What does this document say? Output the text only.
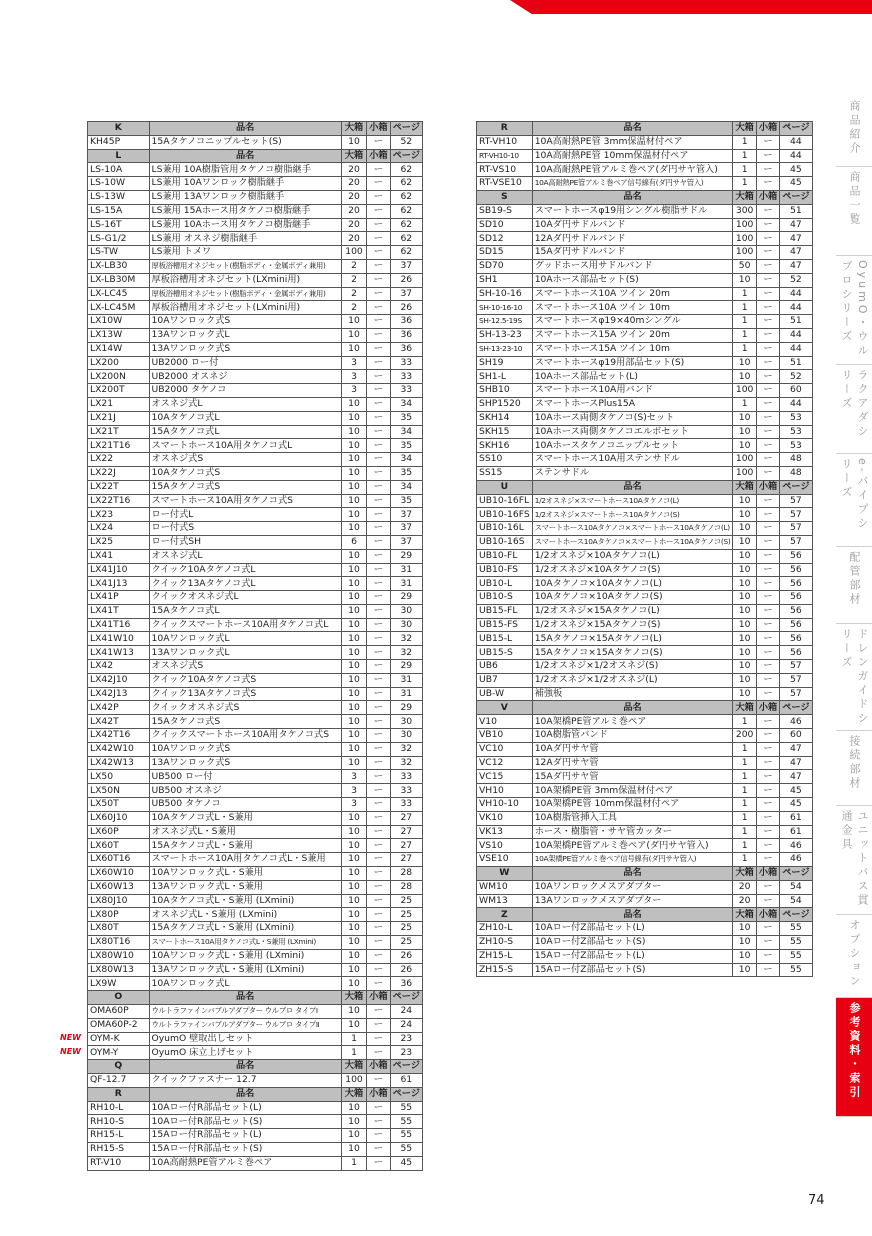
K	品名	大箱	小箱	ページ
KH45P	15Aタケノコニップルセット(S)	10	ー	52
L	品名	大箱	小箱	ページ
LS-10A	LS兼用 10A樹脂管用タケノコ樹脂継手	20	ー	62
LS-10W	LS兼用 10Aワンロック樹脂継手	20	ー	62
LS-13W	LS兼用 13Aワンロック樹脂継手	20	ー	62
LS-15A	LS兼用 15Aホース用タケノコ樹脂継手	20	ー	62
LS-16T	LS兼用 10Aホース用タケノコ樹脂継手	20	ー	62
LS-G1/2	LS兼用 オスネジ樹脂継手	20	ー	62
LS-TW	LS兼用 トメワ	100	ー	62
LX-LB30	厚板浴槽用オネジセット(樹脂ボディ・金属ボディ兼用)	2	ー	37
LX-LB30M	厚板浴槽用オネジセット(LXmini用)	2	ー	26
LX-LC45	厚板浴槽用オネジセット(樹脂ボディ・金属ボディ兼用)	2	ー	37
LX-LC45M	厚板浴槽用オネジセット(LXmini用)	2	ー	26
LX10W	10Aワンロック式S	10	ー	36
LX13W	13Aワンロック式L	10	ー	36
LX14W	13Aワンロック式S	10	ー	36
LX200	UB2000 ロー付	3	ー	33
LX200N	UB2000 オスネジ	3	ー	33
LX200T	UB2000 タケノコ	3	ー	33
LX21	オスネジ式L	10	ー	34
LX21J	10Aタケノコ式L	10	ー	35
LX21T	15Aタケノコ式L	10	ー	34
LX21T16	スマートホース10A用タケノコ式L	10	ー	35
LX22	オスネジ式S	10	ー	34
LX22J	10Aタケノコ式S	10	ー	35
LX22T	15Aタケノコ式S	10	ー	34
LX22T16	スマートホース10A用タケノコ式S	10	ー	35
LX23	ロー付式L	10	ー	37
LX24	ロー付式S	10	ー	37
LX25	ロー付式SH	6	ー	37
LX41	オスネジ式L	10	ー	29
LX41J10	クイック10Aタケノコ式L	10	ー	31
LX41J13	クイック13Aタケノコ式L	10	ー	31
LX41P	クイックオスネジ式L	10	ー	29
LX41T	15Aタケノコ式L	10	ー	30
LX41T16	クイックスマートホース10A用タケノコ式L	10	ー	30
LX41W10	10Aワンロック式L	10	ー	32
LX41W13	13Aワンロック式L	10	ー	32
LX42	オスネジ式S	10	ー	29
LX42J10	クイック10Aタケノコ式S	10	ー	31
LX42J13	クイック13Aタケノコ式S	10	ー	31
LX42P	クイックオスネジ式S	10	ー	29
LX42T	15Aタケノコ式S	10	ー	30
LX42T16	クイックスマートホース10A用タケノコ式S	10	ー	30
LX42W10	10Aワンロック式S	10	ー	32
LX42W13	13Aワンロック式S	10	ー	32
LX50	UB500 ロー付	3	ー	33
LX50N	UB500 オスネジ	3	ー	33
LX50T	UB500 タケノコ	3	ー	33
LX60J10	10Aタケノコ式L・S兼用	10	ー	27
LX60P	オスネジ式L・S兼用	10	ー	27
LX60T	15Aタケノコ式L・S兼用	10	ー	27
LX60T16	スマートホース10A用タケノコ式L・S兼用	10	ー	27
LX60W10	10Aワンロック式L・S兼用	10	ー	28
LX60W13	13Aワンロック式L・S兼用	10	ー	28
LX80J10	10Aタケノコ式L・S兼用 (LXmini)	10	ー	25
LX80P	オスネジ式L・S兼用 (LXmini)	10	ー	25
LX80T	15Aタケノコ式L・S兼用 (LXmini)	10	ー	25
LX80T16	スマートホース10A用タケノコ式L・S兼用 (LXmini)	10	ー	25
LX80W10	10Aワンロック式L・S兼用 (LXmini)	10	ー	26
LX80W13	13Aワンロック式L・S兼用 (LXmini)	10	ー	26
LX9W	10Aワンロック式L	10	ー	36
O	品名	大箱	小箱	ページ
OMA60P	ウルトラファインバブルアダプター ウルブロ タイプⅠ	10	ー	24
OMA60P-2	ウルトラファインバブルアダプター ウルブロ タイプⅡ	10	ー	24
OYM-K	OyumO 壁取出しセット	1	ー	23
OYM-Y	OyumO 床立上げセット	1	ー	23
Q	品名	大箱	小箱	ページ
QF-12.7	クイックファスナー 12.7	100	ー	61
R	品名	大箱	小箱	ページ
RH10-L	10Aロー付R部品セット(L)	10	ー	55
RH10-S	10Aロー付R部品セット(S)	10	ー	55
RH15-L	15Aロー付R部品セット(L)	10	ー	55
RH15-S	15Aロー付R部品セット(S)	10	ー	55
RT-V10	10A高耐熱PE管アルミ巻ペア	1	ー	45
R	品名	大箱	小箱	ページ
RT-VH10	10A高耐熱PE管 3mm保温材付ペア	1	ー	44
RT-VH10-10	10A高耐熱PE管 10mm保温材付ペア	1	ー	44
RT-VS10	10A高耐熱PE管アルミ巻ペア(ダ円サヤ管入)	1	ー	45
RT-VSE10	10A高耐熱PE管アルミ巻ペア信号線有(ダ円サヤ管入)	1	ー	45
S	品名	大箱	小箱	ページ
SB19-S	スマートホースφ19用シングル樹脂サドル	300	ー	51
SD10	10Aダ円サドルバンド	100	ー	47
SD12	12Aダ円サドルバンド	100	ー	47
SD15	15Aダ円サドルバンド	100	ー	47
SD70	グッドホース用サドルバンド	50	ー	47
SH1	10Aホース部品セット(S)	10	ー	52
SH-10-16	スマートホース10A ツイン 20m	1	ー	44
SH-10-16-10	スマートホース10A ツイン 10m	1	ー	44
SH-12.5-19S	スマートホースφ19×40mシングル	1	ー	51
SH-13-23	スマートホース15A ツイン 20m	1	ー	44
SH-13-23-10	スマートホース15A ツイン 10m	1	ー	44
SH19	スマートホースφ19用部品セット(S)	10	ー	51
SH1-L	10Aホース部品セット(L)	10	ー	52
SHB10	スマートホース10A用バンド	100	ー	60
SHP1520	スマートホースPlus15A	1	ー	44
SKH14	10Aホース両側タケノコ(S)セット	10	ー	53
SKH15	10Aホース両側タケノコエルボセット	10	ー	53
SKH16	10Aホースタケノコニップルセット	10	ー	53
SS10	スマートホース10A用ステンサドル	100	ー	48
SS15	ステンサドル	100	ー	48
U	品名	大箱	小箱	ページ
UB10-16FL	1/2オスネジ×スマートホース10Aタケノコ(L)	10	ー	57
UB10-16FS	1/2オスネジ×スマートホース10Aタケノコ(S)	10	ー	57
UB10-16L	スマートホース10Aタケノコ×スマートホース10Aタケノコ(L)	10	ー	57
UB10-16S	スマートホース10Aタケノコ×スマートホース10Aタケノコ(S)	10	ー	57
UB10-FL	1/2オスネジ×10Aタケノコ(L)	10	ー	56
UB10-FS	1/2オスネジ×10Aタケノコ(S)	10	ー	56
UB10-L	10Aタケノコ×10Aタケノコ(L)	10	ー	56
UB10-S	10Aタケノコ×10Aタケノコ(S)	10	ー	56
UB15-FL	1/2オスネジ×15Aタケノコ(L)	10	ー	56
UB15-FS	1/2オスネジ×15Aタケノコ(S)	10	ー	56
UB15-L	15Aタケノコ×15Aタケノコ(L)	10	ー	56
UB15-S	15Aタケノコ×15Aタケノコ(S)	10	ー	56
UB6	1/2オスネジ×1/2オスネジ(S)	10	ー	57
UB7	1/2オスネジ×1/2オスネジ(L)	10	ー	57
UB-W	補強板	10	ー	57
V	品名	大箱	小箱	ページ
V10	10A架橋PE管アルミ巻ペア	1	ー	46
VB10	10A樹脂管バンド	200	ー	60
VC10	10Aダ円サヤ管	1	ー	47
VC12	12Aダ円サヤ管	1	ー	47
VC15	15Aダ円サヤ管	1	ー	47
VH10	10A架橋PE管 3mm保温材付ペア	1	ー	45
VH10-10	10A架橋PE管 10mm保温材付ペア	1	ー	45
VK10	10A樹脂管挿入工具	1	ー	61
VK13	ホース・樹脂管・サヤ管カッター	1	ー	61
VS10	10A架橋PE管アルミ巻ペア(ダ円サヤ管入)	1	ー	46
VSE10	10A架橋PE管アルミ巻ペア信号線有(ダ円サヤ管入)	1	ー	46
W	品名	大箱	小箱	ページ
WM10	10Aワンロックメスアダプター	20	ー	54
WM13	13Aワンロックメスアダプター	20	ー	54
Z	品名	大箱	小箱	ページ
ZH10-L	10Aロー付Z部品セット(L)	10	ー	55
ZH10-S	10Aロー付Z部品セット(S)	10	ー	55
ZH15-L	15Aロー付Z部品セット(L)	10	ー	55
ZH15-S	15Aロー付Z部品セット(S)	10	ー	55
NEW
NEW
商品紹介
商品一覧
OyumO・ウルブロシリーズ
ラクアダシリーズ
e-パイプシリーズ
配管部材
ドレンガイドシリーズ
接続部材
ユニットバス貫通金具
オプション
参考資料・索引
74
